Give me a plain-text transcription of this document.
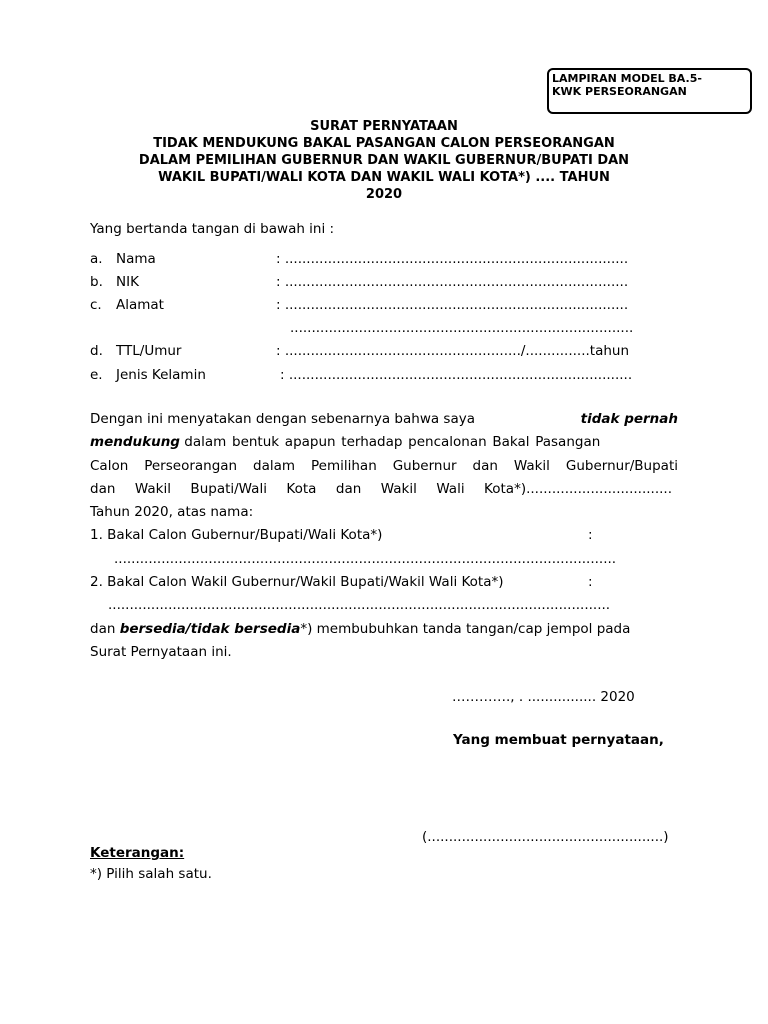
LAMPIRAN MODEL BA.5-
KWK PERSEORANGAN
SURAT PERNYATAAN
TIDAK MENDUKUNG BAKAL PASANGAN CALON PERSEORANGAN
DALAM PEMILIHAN GUBERNUR DAN WAKIL GUBERNUR/BUPATI DAN
WAKIL BUPATI/WALI KOTA DAN WAKIL WALI KOTA*) .... TAHUN
2020
Yang bertanda tangan di bawah ini :
a. Nama	: ................................................................................
b. NIK	: ................................................................................
c. Alamat	: ................................................................................
................................................................................
d. TTL/Umur	: ......................................................./...............tahun
e. Jenis Kelamin	: ................................................................................
Dengan ini menyatakan dengan sebenarnya bahwa saya	tidak pernah
mendukung dalam bentuk apapun terhadap pencalonan Bakal Pasangan
Calon Perseorangan dalam Pemilihan Gubernur dan Wakil Gubernur/Bupati
dan Wakil Bupati/Wali Kota dan Wakil Wali Kota*)..................................
Tahun 2020, atas nama:
1. Bakal Calon Gubernur/Bupati/Wali Kota*)	:
.....................................................................................................................
2. Bakal Calon Wakil Gubernur/Wakil Bupati/Wakil Wali Kota*)	:
.....................................................................................................................
dan bersedia/tidak bersedia*) membubuhkan tanda tangan/cap jempol pada
Surat Pernyataan ini.
…………., . ................ 2020
Yang membuat pernyataan,
(.......................................................)
Keterangan:
*) Pilih salah satu.
